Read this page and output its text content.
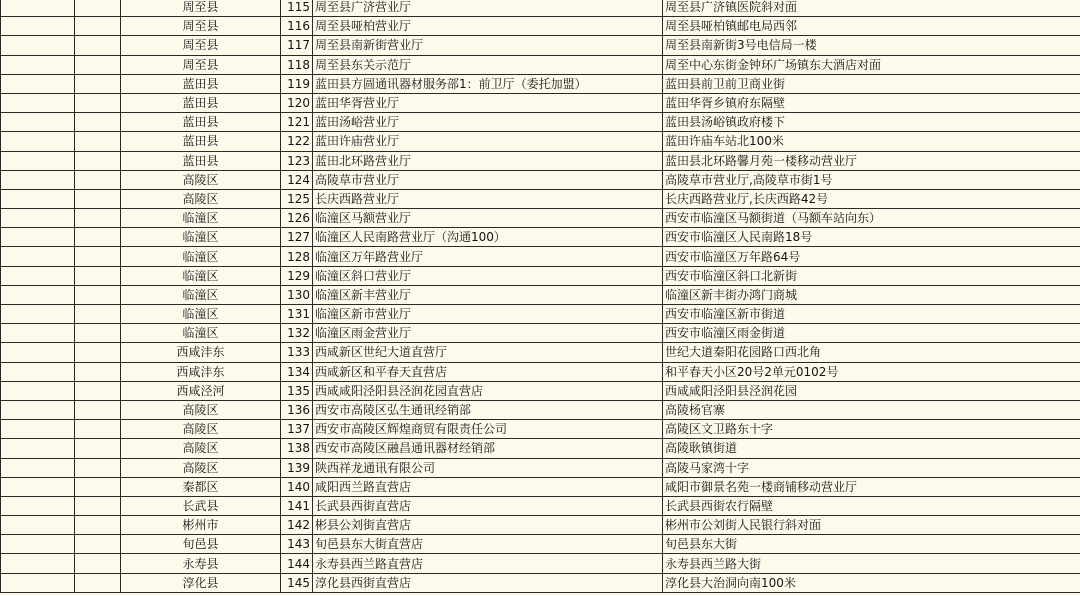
		周至县	115	周至县广济营业厅	周至县广济镇医院斜对面
		周至县	116	周至县哑柏营业厅	周至县哑柏镇邮电局西邻
		周至县	117	周至县南新街营业厅	周至县南新街3号电信局一楼
		周至县	118	周至县东关示范厅	周至中心东街金钟环广场镇东大酒店对面
		蓝田县	119	蓝田县方圆通讯器材服务部1：前卫厅（委托加盟）	蓝田县前卫前卫商业街
		蓝田县	120	蓝田华胥营业厅	蓝田华胥乡镇府东隔壁
		蓝田县	121	蓝田汤峪营业厅	蓝田县汤峪镇政府楼下
		蓝田县	122	蓝田许庙营业厅	蓝田许庙车站北100米
		蓝田县	123	蓝田北环路营业厅	蓝田县北环路馨月苑一楼移动营业厅
		高陵区	124	高陵草市营业厅	高陵草市营业厅,高陵草市街1号
		高陵区	125	长庆西路营业厅	长庆西路营业厅,长庆西路42号
		临潼区	126	临潼区马额营业厅	西安市临潼区马额街道（马额车站向东）
		临潼区	127	临潼区人民南路营业厅（沟通100）	西安市临潼区人民南路18号
		临潼区	128	临潼区万年路营业厅	西安市临潼区万年路64号
		临潼区	129	临潼区斜口营业厅	西安市临潼区斜口北新街
		临潼区	130	临潼区新丰营业厅	临潼区新丰街办鸿门商城
		临潼区	131	临潼区新市营业厅	西安市临潼区新市街道
		临潼区	132	临潼区雨金营业厅	西安市临潼区雨金街道
		西咸沣东	133	西咸新区世纪大道直营厅	世纪大道秦阳花园路口西北角
		西咸沣东	134	西咸新区和平春天直营店	和平春天小区20号2单元0102号
		西咸泾河	135	西咸咸阳泾阳县泾润花园直营店	西咸咸阳泾阳县泾润花园
		高陵区	136	西安市高陵区弘生通讯经销部	高陵杨官寨
		高陵区	137	西安市高陵区辉煌商贸有限责任公司	高陵区文卫路东十字
		高陵区	138	西安市高陵区融昌通讯器材经销部	高陵耿镇街道
		高陵区	139	陕西祥龙通讯有限公司	高陵马家湾十字
		秦都区	140	咸阳西兰路直营店	咸阳市御景名苑一楼商铺移动营业厅
		长武县	141	长武县西街直营店	长武县西街农行隔壁
		彬州市	142	彬县公刘街直营店	彬州市公刘街人民银行斜对面
		旬邑县	143	旬邑县东大街直营店	旬邑县东大街
		永寿县	144	永寿县西兰路直营店	永寿县西兰路大街
		淳化县	145	淳化县西街直营店	淳化县大治洞向南100米
